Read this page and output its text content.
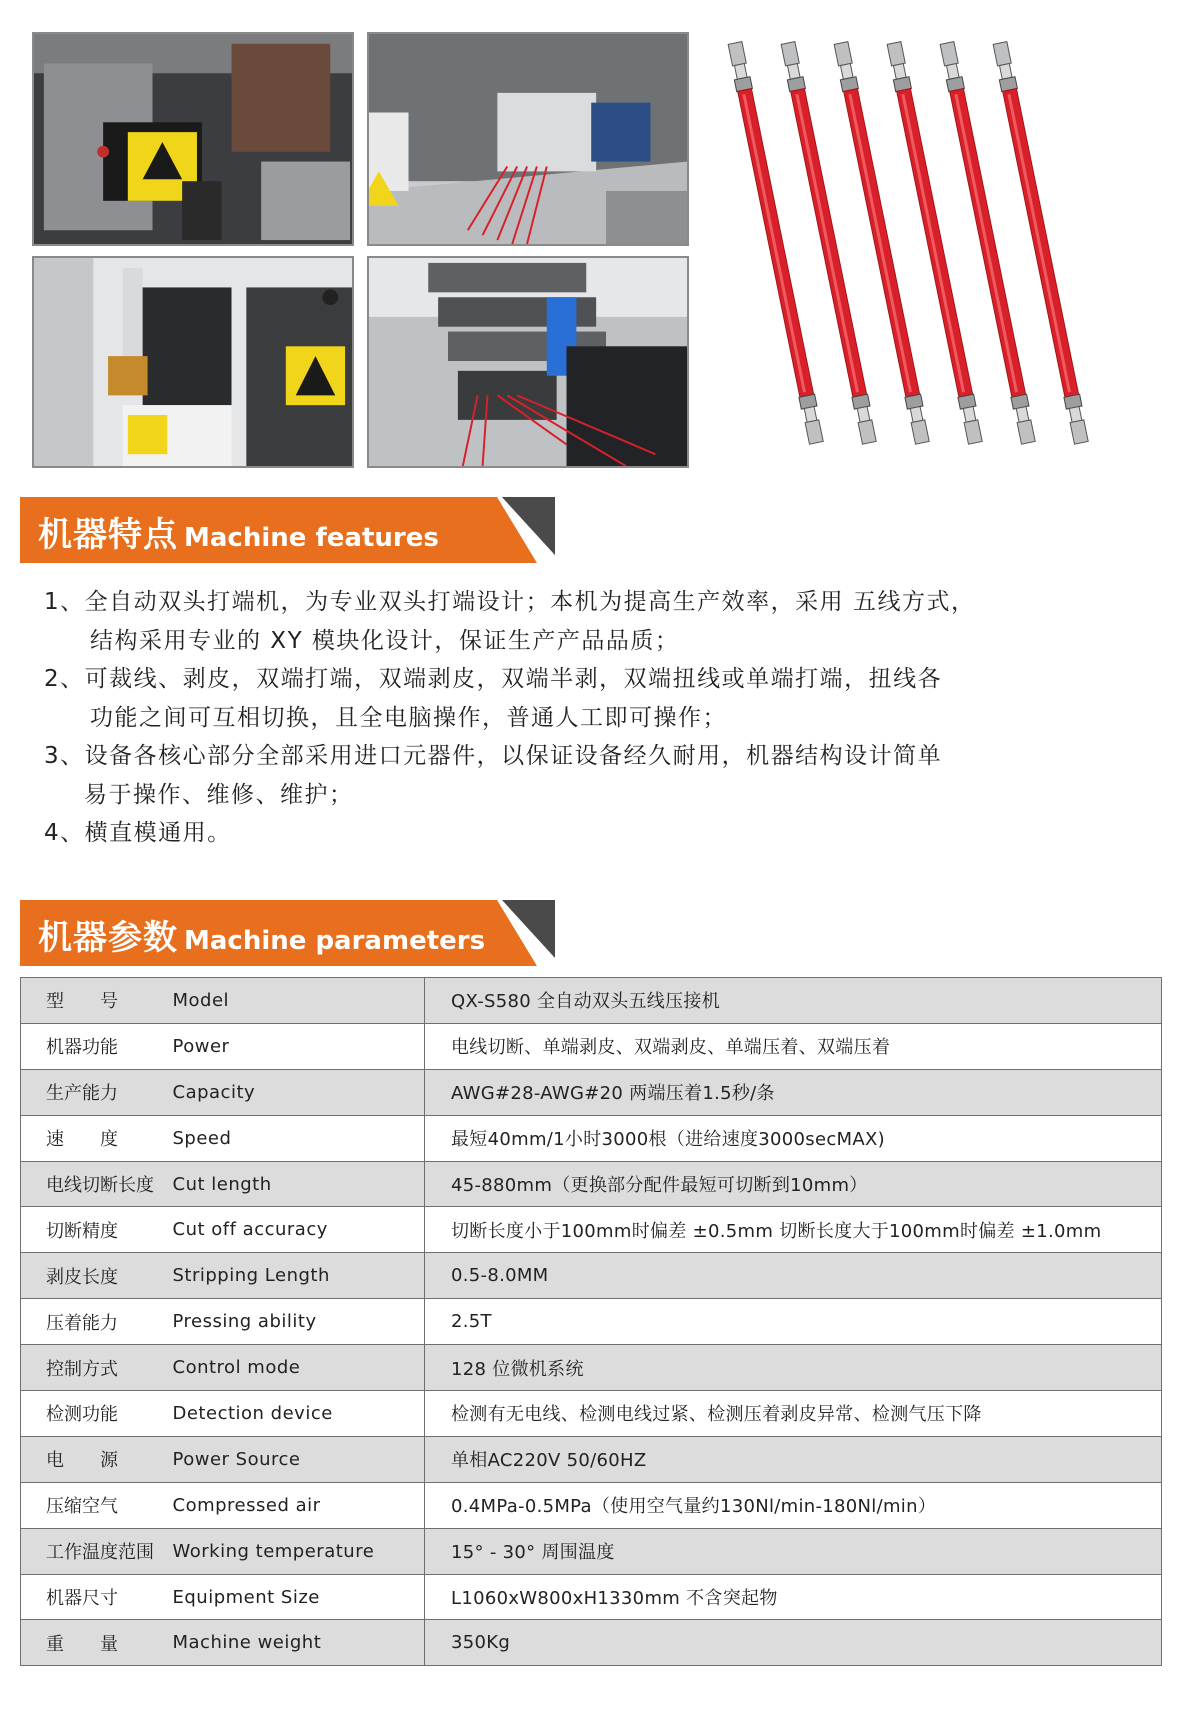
机器特点 Machine features
1、全自动双头打端机，为专业双头打端设计；本机为提高生产效率，采用 五线方式，
结构采用专业的 XY 模块化设计，保证生产产品品质；
2、可裁线、剥皮，双端打端，双端剥皮，双端半剥，双端扭线或单端打端，扭线各
功能之间可互相切换，且全电脑操作，普通人工即可操作；
3、设备各核心部分全部采用进口元器件，以保证设备经久耐用，机器结构设计简单
易于操作、维修、维护；
4、横直模通用。
机器参数 Machine parameters
型号	Model	QX-S580 全自动双头五线压接机
机器功能	Power	电线切断、单端剥皮、双端剥皮、单端压着、双端压着
生产能力	Capacity	AWG#28-AWG#20 两端压着1.5秒/条
速度	Speed	最短40mm/1小时3000根（进给速度3000secMAX)
电线切断长度	Cut length	45-880mm（更换部分配件最短可切断到10mm）
切断精度	Cut off accuracy	切断长度小于100mm时偏差 ±0.5mm 切断长度大于100mm时偏差 ±1.0mm
剥皮长度	Stripping Length	0.5-8.0MM
压着能力	Pressing ability	2.5T
控制方式	Control mode	128 位微机系统
检测功能	Detection device	检测有无电线、检测电线过紧、检测压着剥皮异常、检测气压下降
电源	Power Source	单相AC220V 50/60HZ
压缩空气	Compressed air	0.4MPa-0.5MPa（使用空气量约130Nl/min-180Nl/min）
工作温度范围	Working temperature	15° - 30° 周围温度
机器尺寸	Equipment Size	L1060xW800xH1330mm 不含突起物
重量	Machine weight	350Kg
